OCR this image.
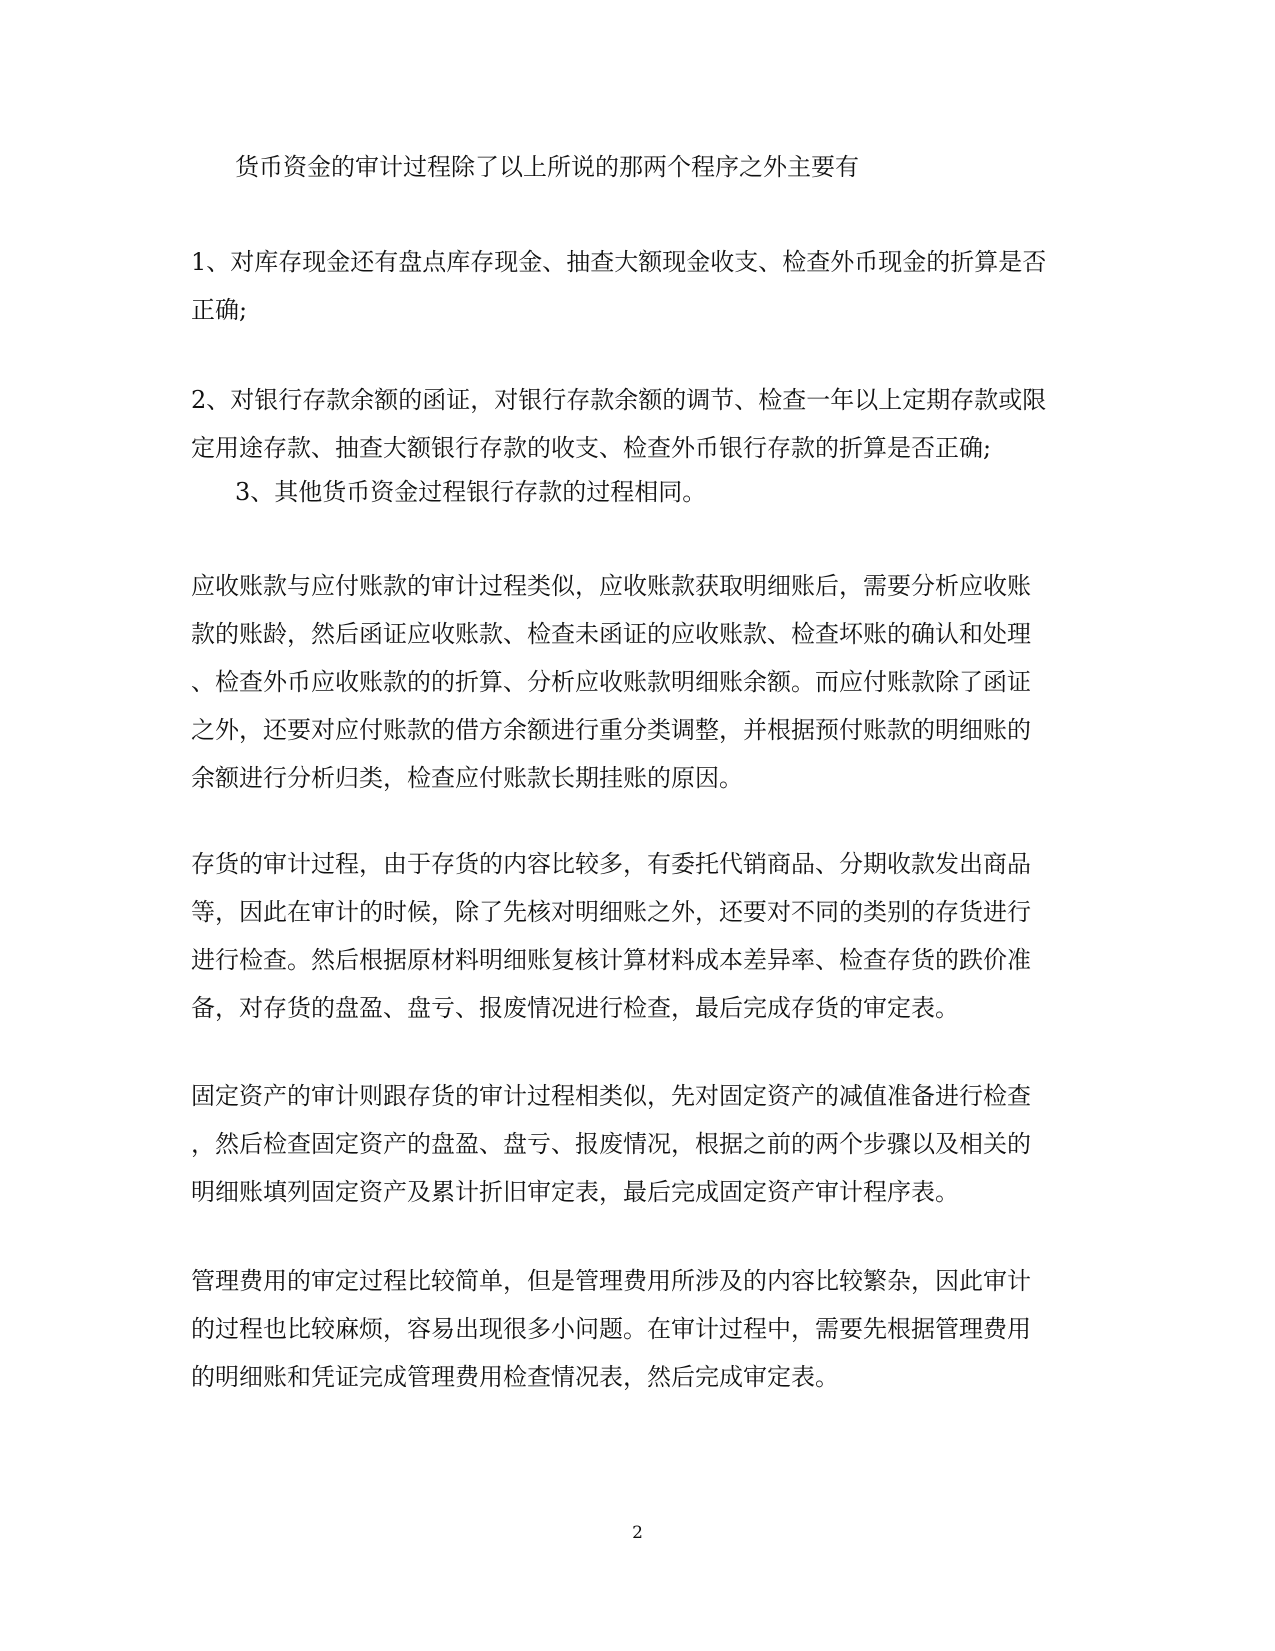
货币资金的审计过程除了以上所说的那两个程序之外主要有

1、对库存现金还有盘点库存现金、抽查大额现金收支、检查外币现金的折算是否
正确;

2、对银行存款余额的函证，对银行存款余额的调节、检查一年以上定期存款或限
定用途存款、抽查大额银行存款的收支、检查外币银行存款的折算是否正确;

3、其他货币资金过程银行存款的过程相同。

应收账款与应付账款的审计过程类似，应收账款获取明细账后，需要分析应收账
款的账龄，然后函证应收账款、检查未函证的应收账款、检查坏账的确认和处理
、检查外币应收账款的的折算、分析应收账款明细账余额。而应付账款除了函证
之外，还要对应付账款的借方余额进行重分类调整，并根据预付账款的明细账的
余额进行分析归类，检查应付账款长期挂账的原因。

存货的审计过程，由于存货的内容比较多，有委托代销商品、分期收款发出商品
等，因此在审计的时候，除了先核对明细账之外，还要对不同的类别的存货进行
进行检查。然后根据原材料明细账复核计算材料成本差异率、检查存货的跌价准
备，对存货的盘盈、盘亏、报废情况进行检查，最后完成存货的审定表。

固定资产的审计则跟存货的审计过程相类似，先对固定资产的减值准备进行检查
，然后检查固定资产的盘盈、盘亏、报废情况，根据之前的两个步骤以及相关的
明细账填列固定资产及累计折旧审定表，最后完成固定资产审计程序表。

管理费用的审定过程比较简单，但是管理费用所涉及的内容比较繁杂，因此审计
的过程也比较麻烦，容易出现很多小问题。在审计过程中，需要先根据管理费用
的明细账和凭证完成管理费用检查情况表，然后完成审定表。

2
